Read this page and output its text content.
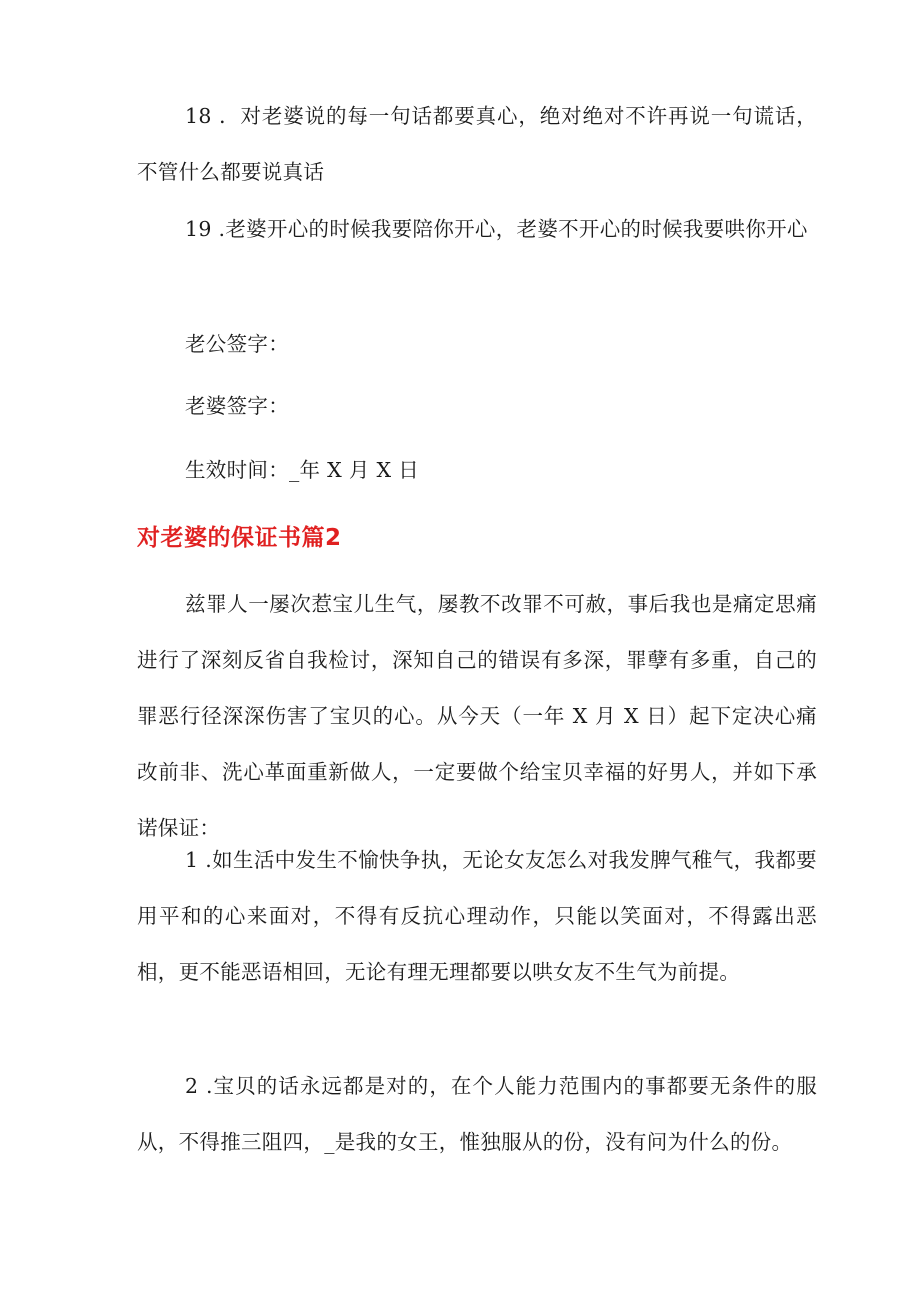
18 ．对老婆说的每一句话都要真心，绝对绝对不许再说一句谎话，不管什么都要说真话

19 .老婆开心的时候我要陪你开心，老婆不开心的时候我要哄你开心

老公签字：

老婆签字：

生效时间：_年 X 月 X 日

对老婆的保证书篇2

兹罪人一屡次惹宝儿生气，屡教不改罪不可赦，事后我也是痛定思痛进行了深刻反省自我检讨，深知自己的错误有多深，罪孽有多重，自己的罪恶行径深深伤害了宝贝的心。从今天（一年 X 月 X 日）起下定决心痛改前非、洗心革面重新做人，一定要做个给宝贝幸福的好男人，并如下承诺保证：

1 .如生活中发生不愉快争执，无论女友怎么对我发脾气稚气，我都要用平和的心来面对，不得有反抗心理动作，只能以笑面对，不得露出恶相，更不能恶语相回，无论有理无理都要以哄女友不生气为前提。

2 .宝贝的话永远都是对的，在个人能力范围内的事都要无条件的服从，不得推三阻四，_是我的女王，惟独服从的份，没有问为什么的份。
